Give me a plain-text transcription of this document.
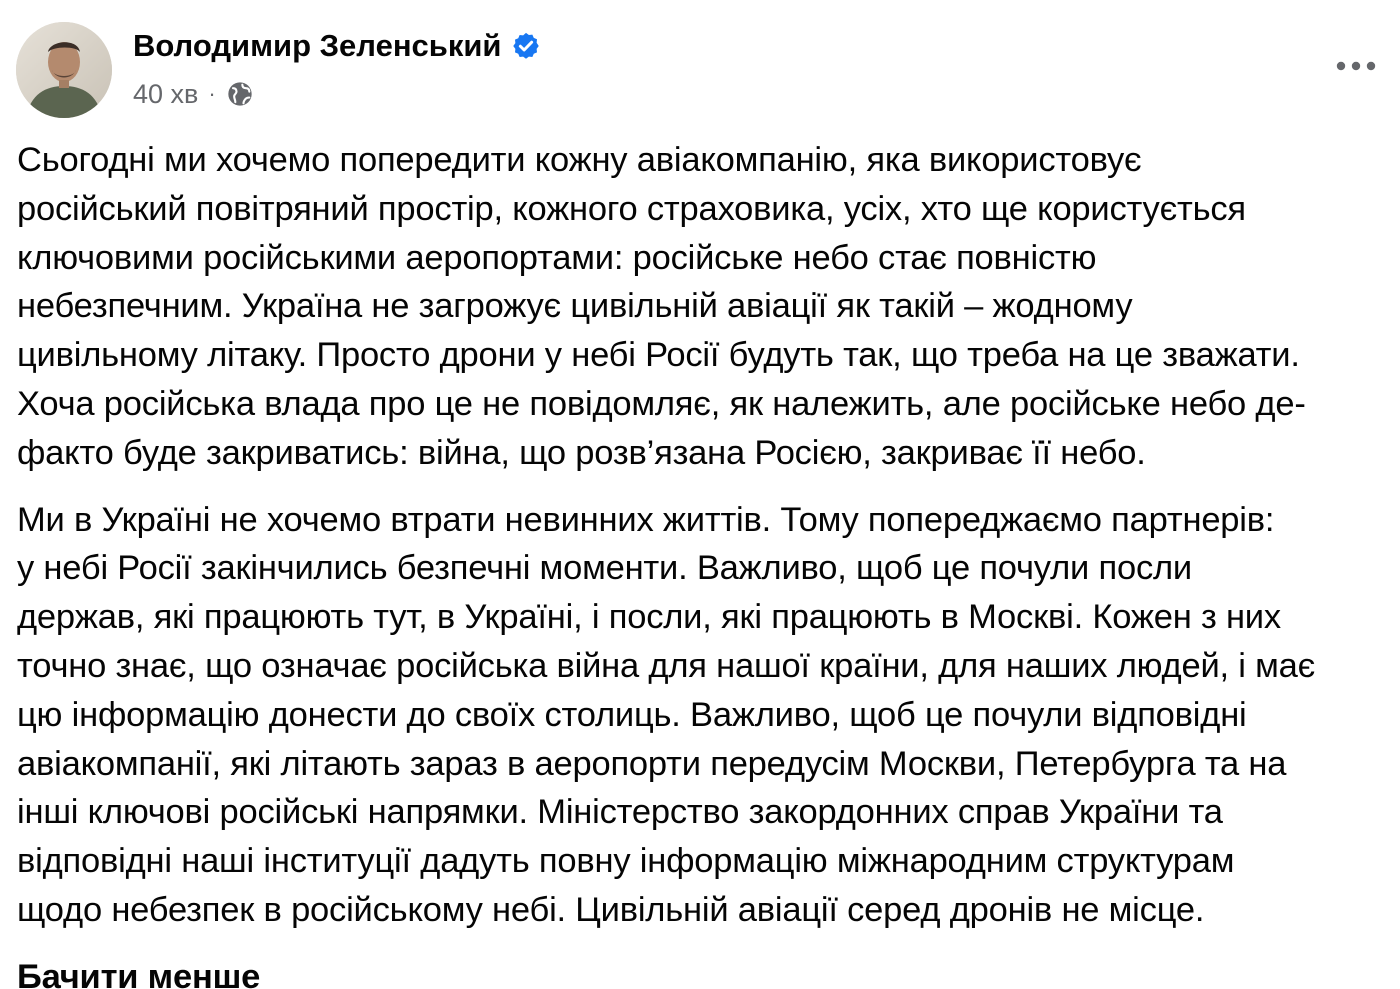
Володимир Зеленський
40 хв ·

Сьогодні ми хочемо попередити кожну авіакомпанію, яка використовує
російський повітряний простір, кожного страховика, усіх, хто ще користується
ключовими російськими аеропортами: російське небо стає повністю
небезпечним. Україна не загрожує цивільній авіації як такій – жодному
цивільному літаку. Просто дрони у небі Росії будуть так, що треба на це зважати.
Хоча російська влада про це не повідомляє, як належить, але російське небо де-
факто буде закриватись: війна, що розв’язана Росією, закриває її небо.

Ми в Україні не хочемо втрати невинних життів. Тому попереджаємо партнерів:
у небі Росії закінчились безпечні моменти. Важливо, щоб це почули посли
держав, які працюють тут, в Україні, і посли, які працюють в Москві. Кожен з них
точно знає, що означає російська війна для нашої країни, для наших людей, і має
цю інформацію донести до своїх столиць. Важливо, щоб це почули відповідні
авіакомпанії, які літають зараз в аеропорти передусім Москви, Петербурга та на
інші ключові російські напрямки. Міністерство закордонних справ України та
відповідні наші інституції дадуть повну інформацію міжнародним структурам
щодо небезпек в російському небі. Цивільній авіації серед дронів не місце.

Бачити менше
